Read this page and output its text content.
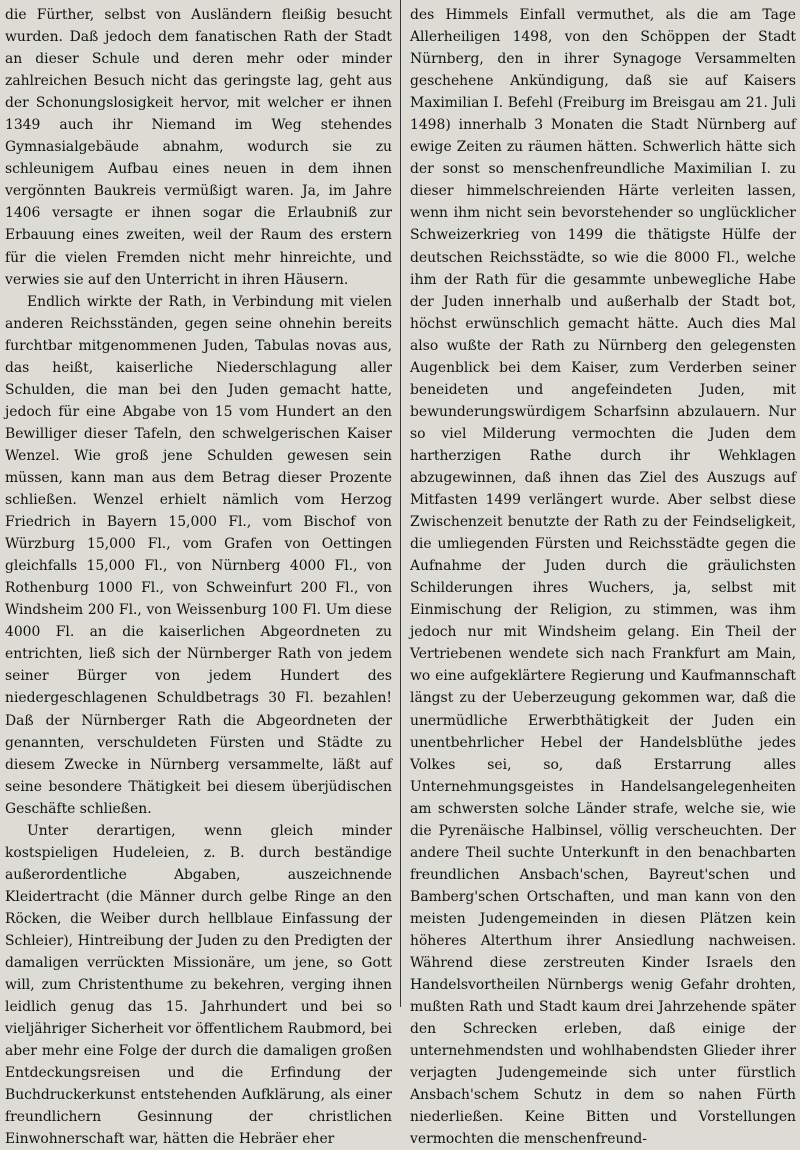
die Fürther, selbst von Ausländern fleißig besucht wurden. Daß jedoch dem fanatischen Rath der Stadt an dieser Schule und deren mehr oder minder zahlreichen Besuch nicht das geringste lag, geht aus der Schonungslosigkeit hervor, mit welcher er ihnen 1349 auch ihr Niemand im Weg stehendes Gymnasialgebäude abnahm, wodurch sie zu schleunigem Aufbau eines neuen in dem ihnen vergönnten Baukreis vermüßigt waren. Ja, im Jahre 1406 versagte er ihnen sogar die Erlaubniß zur Erbauung eines zweiten, weil der Raum des erstern für die vielen Fremden nicht mehr hinreichte, und verwies sie auf den Unterricht in ihren Häusern.

Endlich wirkte der Rath, in Verbindung mit vielen anderen Reichsständen, gegen seine ohnehin bereits furchtbar mitgenommenen Juden, Tabulas novas aus, das heißt, kaiserliche Niederschlagung aller Schulden, die man bei den Juden gemacht hatte, jedoch für eine Abgabe von 15 vom Hundert an den Bewilliger dieser Tafeln, den schwelgerischen Kaiser Wenzel. Wie groß jene Schulden gewesen sein müssen, kann man aus dem Betrag dieser Prozente schließen. Wenzel erhielt nämlich vom Herzog Friedrich in Bayern 15,000 Fl., vom Bischof von Würzburg 15,000 Fl., vom Grafen von Oettingen gleichfalls 15,000 Fl., von Nürnberg 4000 Fl., von Rothenburg 1000 Fl., von Schweinfurt 200 Fl., von Windsheim 200 Fl., von Weissenburg 100 Fl. Um diese 4000 Fl. an die kaiserlichen Abgeordneten zu entrichten, ließ sich der Nürnberger Rath von jedem seiner Bürger von jedem Hundert des niedergeschlagenen Schuldbetrags 30 Fl. bezahlen! Daß der Nürnberger Rath die Abgeordneten der genannten, verschuldeten Fürsten und Städte zu diesem Zwecke in Nürnberg versammelte, läßt auf seine besondere Thätigkeit bei diesem überjüdischen Geschäfte schließen.

Unter derartigen, wenn gleich minder kostspieligen Hudeleien, z. B. durch beständige außerordentliche Abgaben, auszeichnende Kleidertracht (die Männer durch gelbe Ringe an den Röcken, die Weiber durch hellblaue Einfassung der Schleier), Hintreibung der Juden zu den Predigten der damaligen verrückten Missionäre, um jene, so Gott will, zum Christenthume zu bekehren, verging ihnen leidlich genug das 15. Jahrhundert und bei so vieljähriger Sicherheit vor öffentlichem Raubmord, bei aber mehr eine Folge der durch die damaligen großen Entdeckungsreisen und die Erfindung der Buchdruckerkunst entstehenden Aufklärung, als einer freundlichern Gesinnung der christlichen Einwohnerschaft war, hätten die Hebräer eher

des Himmels Einfall vermuthet, als die am Tage Allerheiligen 1498, von den Schöppen der Stadt Nürnberg, den in ihrer Synagoge Versammelten geschehene Ankündigung, daß sie auf Kaisers Maximilian I. Befehl (Freiburg im Breisgau am 21. Juli 1498) innerhalb 3 Monaten die Stadt Nürnberg auf ewige Zeiten zu räumen hätten. Schwerlich hätte sich der sonst so menschenfreundliche Maximilian I. zu dieser himmelschreienden Härte verleiten lassen, wenn ihm nicht sein bevorstehender so unglücklicher Schweizerkrieg von 1499 die thätigste Hülfe der deutschen Reichsstädte, so wie die 8000 Fl., welche ihm der Rath für die gesammte unbewegliche Habe der Juden innerhalb und außerhalb der Stadt bot, höchst erwünschlich gemacht hätte. Auch dies Mal also wußte der Rath zu Nürnberg den gelegensten Augenblick bei dem Kaiser, zum Verderben seiner beneideten und angefeindeten Juden, mit bewunderungswürdigem Scharfsinn abzulauern. Nur so viel Milderung vermochten die Juden dem hartherzigen Rathe durch ihr Wehklagen abzugewinnen, daß ihnen das Ziel des Auszugs auf Mitfasten 1499 verlängert wurde. Aber selbst diese Zwischenzeit benutzte der Rath zu der Feindseligkeit, die umliegenden Fürsten und Reichsstädte gegen die Aufnahme der Juden durch die gräulichsten Schilderungen ihres Wuchers, ja, selbst mit Einmischung der Religion, zu stimmen, was ihm jedoch nur mit Windsheim gelang. Ein Theil der Vertriebenen wendete sich nach Frankfurt am Main, wo eine aufgeklärtere Regierung und Kaufmannschaft längst zu der Ueberzeugung gekommen war, daß die unermüdliche Erwerbthätigkeit der Juden ein unentbehrlicher Hebel der Handelsblüthe jedes Volkes sei, so, daß Erstarrung alles Unternehmungsgeistes in Handelsangelegenheiten am schwersten solche Länder strafe, welche sie, wie die Pyrenäische Halbinsel, völlig verscheuchten. Der andere Theil suchte Unterkunft in den benachbarten freundlichen Ansbach'schen, Bayreut'schen und Bamberg'schen Ortschaften, und man kann von den meisten Judengemeinden in diesen Plätzen kein höheres Alterthum ihrer Ansiedlung nachweisen. Während diese zerstreuten Kinder Israels den Handelsvortheilen Nürnbergs wenig Gefahr drohten, mußten Rath und Stadt kaum drei Jahrzehende später den Schrecken erleben, daß einige der unternehmendsten und wohlhabendsten Glieder ihrer verjagten Judengemeinde sich unter fürstlich Ansbach'schem Schutz in dem so nahen Fürth niederließen. Keine Bitten und Vorstellungen vermochten die menschenfreund-
